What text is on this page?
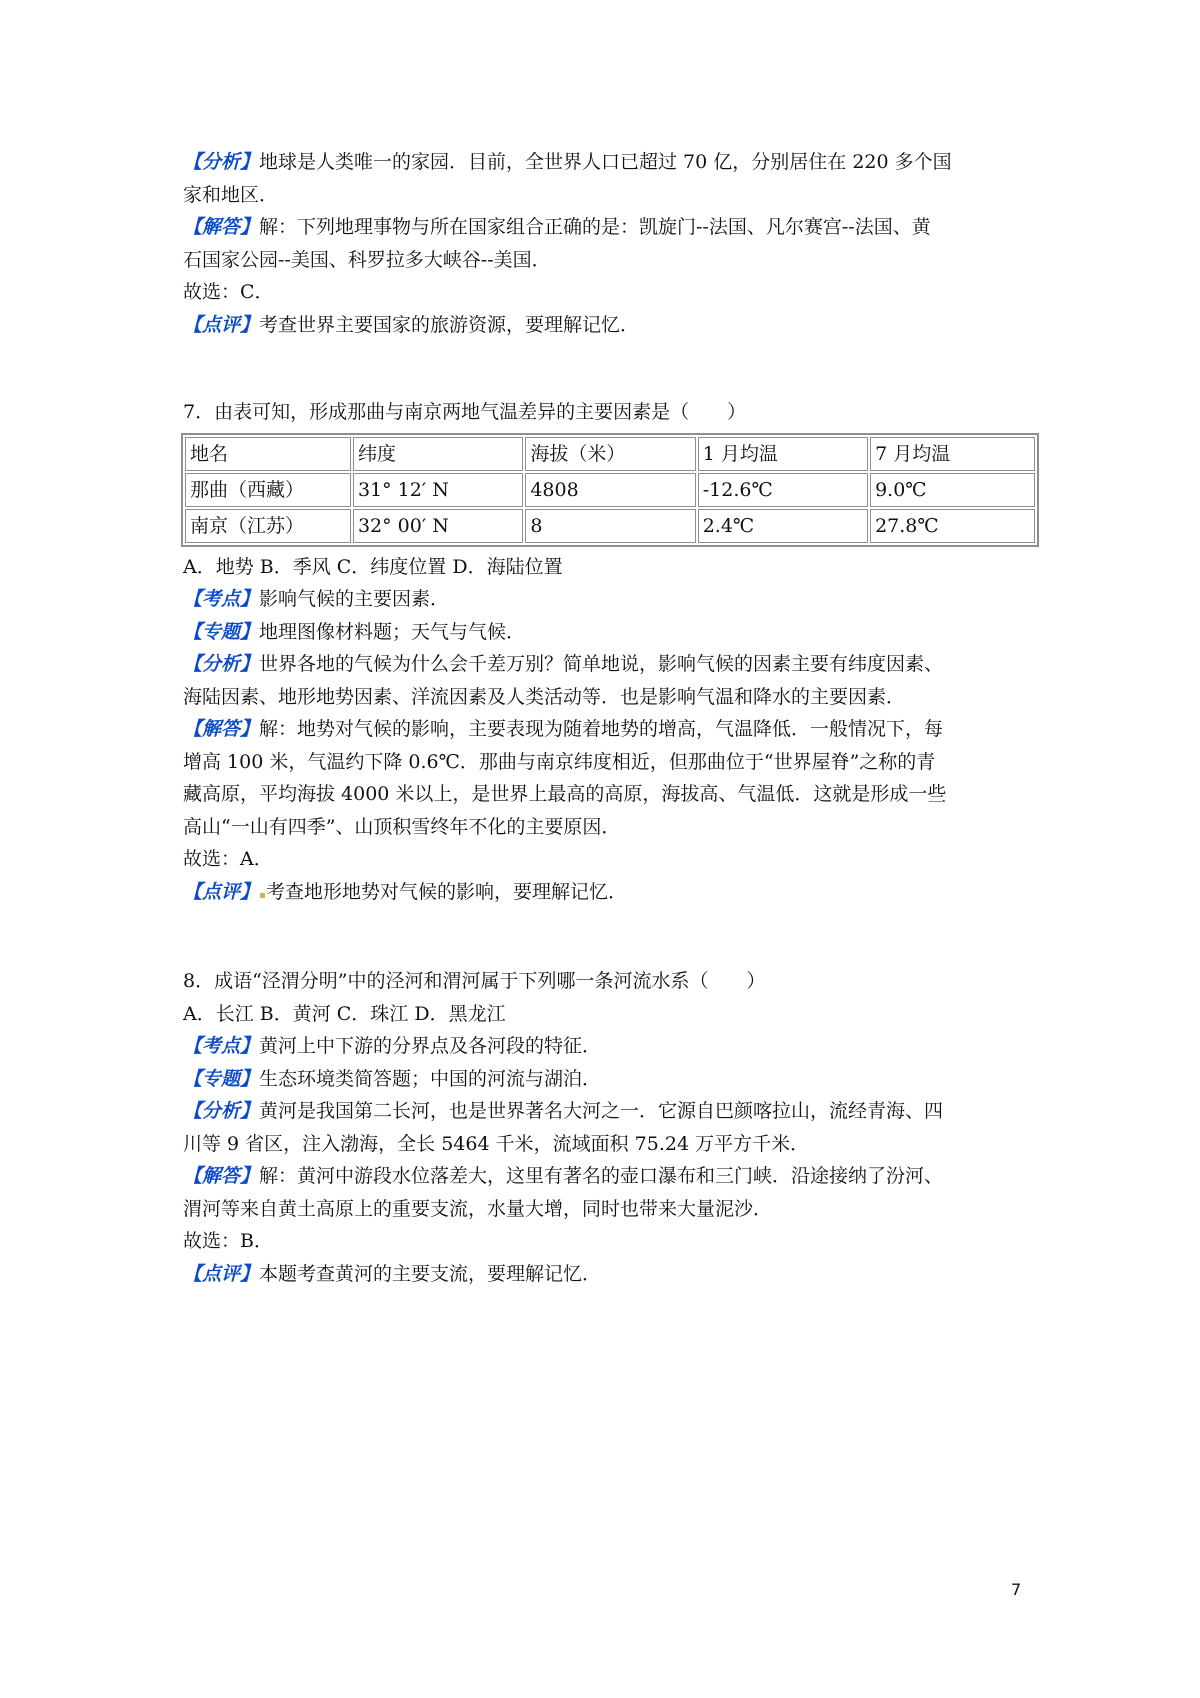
【分析】地球是人类唯一的家园．目前，全世界人口已超过 70 亿，分别居住在 220 多个国
家和地区．
【解答】解：下列地理事物与所在国家组合正确的是：凯旋门--法国、凡尔赛宫--法国、黄
石国家公园--美国、科罗拉多大峡谷--美国．
故选：C．
【点评】考查世界主要国家的旅游资源，要理解记忆．
7．由表可知，形成那曲与南京两地气温差异的主要因素是（　　）
地名	纬度	海拔（米）	1 月均温	7 月均温
那曲（西藏）	31° 12′ N	4808	-12.6℃	9.0℃
南京（江苏）	32° 00′ N	8	2.4℃	27.8℃
A．地势 B．季风 C．纬度位置 D．海陆位置
【考点】影响气候的主要因素．
【专题】地理图像材料题；天气与气候．
【分析】世界各地的气候为什么会千差万别？简单地说，影响气候的因素主要有纬度因素、
海陆因素、地形地势因素、洋流因素及人类活动等．也是影响气温和降水的主要因素．
【解答】解：地势对气候的影响，主要表现为随着地势的增高，气温降低．一般情况下，每
增高 100 米，气温约下降 0.6℃．那曲与南京纬度相近，但那曲位于“世界屋脊”之称的青
藏高原，平均海拔 4000 米以上，是世界上最高的高原，海拔高、气温低．这就是形成一些
高山“一山有四季”、山顶积雪终年不化的主要原因．
故选：A．
【点评】 考查地形地势对气候的影响，要理解记忆．
8．成语“泾渭分明”中的泾河和渭河属于下列哪一条河流水系（　　）
A．长江 B．黄河 C．珠江 D．黑龙江
【考点】黄河上中下游的分界点及各河段的特征．
【专题】生态环境类简答题；中国的河流与湖泊．
【分析】黄河是我国第二长河，也是世界著名大河之一．它源自巴颜喀拉山，流经青海、四
川等 9 省区，注入渤海，全长 5464 千米，流域面积 75.24 万平方千米．
【解答】解：黄河中游段水位落差大，这里有著名的壶口瀑布和三门峡．沿途接纳了汾河、
渭河等来自黄土高原上的重要支流，水量大增，同时也带来大量泥沙．
故选：B．
【点评】本题考查黄河的主要支流，要理解记忆．
7
